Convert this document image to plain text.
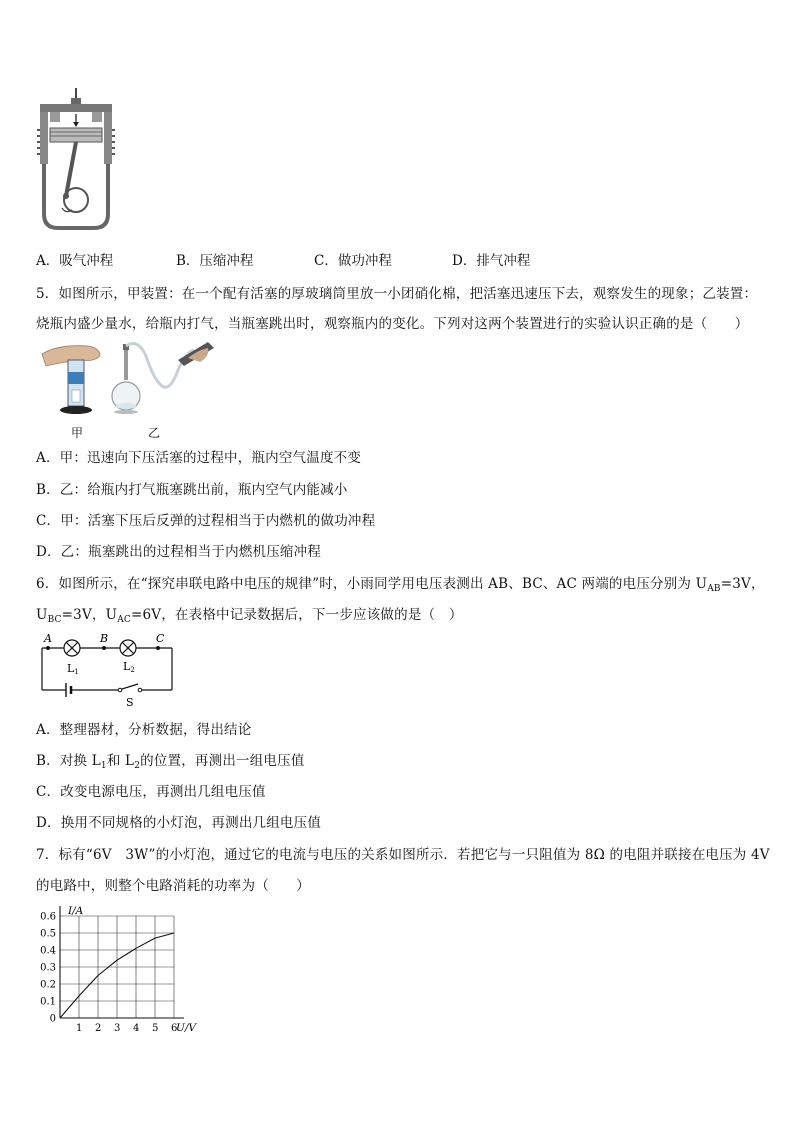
A．吸气冲程	B．压缩冲程	C．做功冲程	D．排气冲程
5．如图所示，甲装置：在一个配有活塞的厚玻璃筒里放一小团硝化棉，把活塞迅速压下去，观察发生的现象；乙装置：
烧瓶内盛少量水，给瓶内打气，当瓶塞跳出时，观察瓶内的变化。下列对这两个装置进行的实验认识正确的是（　　）
甲	乙
A．甲：迅速向下压活塞的过程中，瓶内空气温度不变
B．乙：给瓶内打气瓶塞跳出前，瓶内空气内能减小
C．甲：活塞下压后反弹的过程相当于内燃机的做功冲程
D．乙：瓶塞跳出的过程相当于内燃机压缩冲程
6．如图所示，在“探究串联电路中电压的规律”时，小雨同学用电压表测出 AB、BC、AC 两端的电压分别为 $U_{AB}=3V$，
$U_{BC}=3V$，$U_{AC}=6V$，在表格中记录数据后，下一步应该做的是（　）
A	B	C
L1	L2
S
A．整理器材，分析数据，得出结论
B．对换 $L_1$和 $L_2$的位置，再测出一组电压值
C．改变电源电压，再测出几组电压值
D．换用不同规格的小灯泡，再测出几组电压值
7．标有“6V　3W”的小灯泡，通过它的电流与电压的关系如图所示．若把它与一只阻值为 8Ω 的电阻并联接在电压为 4V
的电路中，则整个电路消耗的功率为（　　）
1 2 3 4 5 6
0
0.1
0.2
0.3
0.4
0.5
0.6 I/A
U/V
